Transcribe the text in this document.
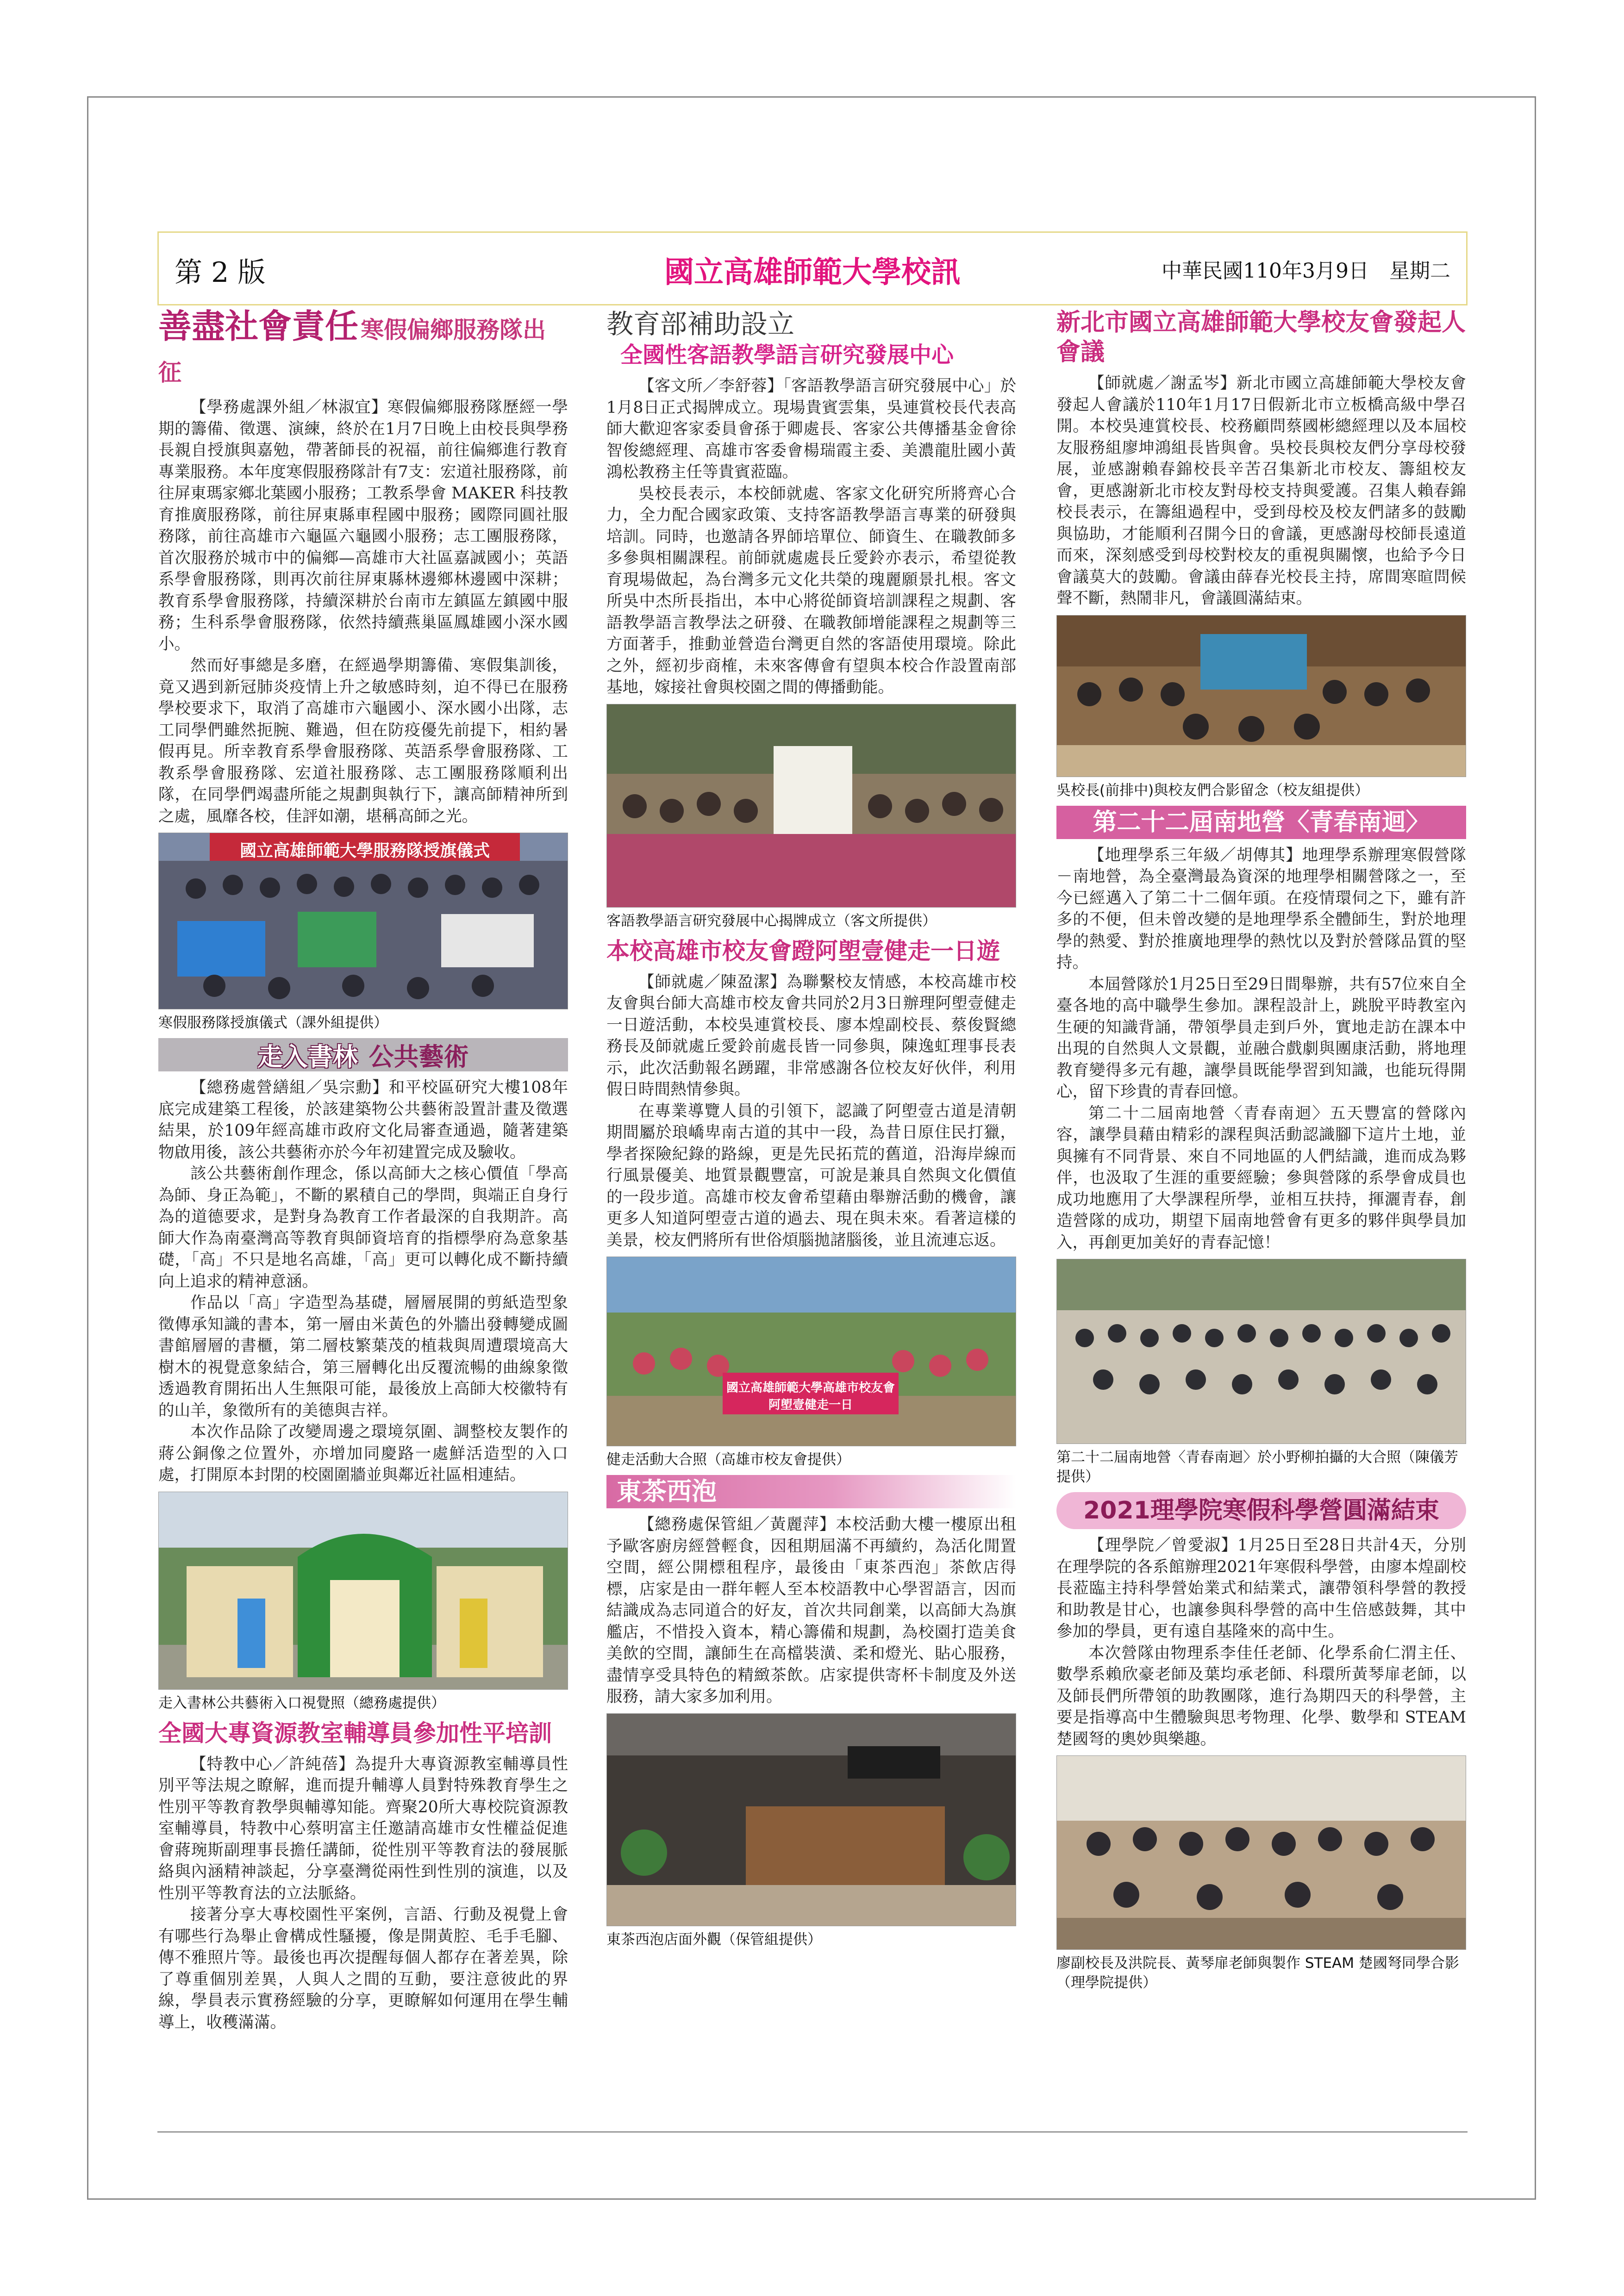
第 2 版	國立高雄師範大學校訊	中華民國110年3月9日　星期二
善盡社會責任 寒假偏鄉服務隊出征

【學務處課外組／林淑宜】寒假偏鄉服務隊歷經一學期的籌備、徵選、演練，終於在1月7日晚上由校長與學務長親自授旗與嘉勉，帶著師長的祝福，前往偏鄉進行教育專業服務。本年度寒假服務隊計有7支：宏道社服務隊，前往屏東瑪家鄉北葉國小服務；工教系學會 MAKER 科技教育推廣服務隊，前往屏東縣車程國中服務；國際同圓社服務隊，前往高雄市六龜區六龜國小服務；志工團服務隊，首次服務於城市中的偏鄉—高雄市大社區嘉誠國小；英語系學會服務隊，則再次前往屏東縣林邊鄉林邊國中深耕；教育系學會服務隊，持續深耕於台南市左鎮區左鎮國中服務；生科系學會服務隊，依然持續燕巢區鳳雄國小深水國小。

然而好事總是多磨，在經過學期籌備、寒假集訓後，竟又遇到新冠肺炎疫情上升之敏感時刻，迫不得已在服務學校要求下，取消了高雄市六龜國小、深水國小出隊，志工同學們雖然扼腕、難過，但在防疫優先前提下，相約暑假再見。所幸教育系學會服務隊、英語系學會服務隊、工教系學會服務隊、宏道社服務隊、志工團服務隊順利出隊，在同學們竭盡所能之規劃與執行下，讓高師精神所到之處，風靡各校，佳評如潮，堪稱高師之光。

國立高雄師範大學服務隊授旗儀式
寒假服務隊授旗儀式（課外組提供）
走入書林 公共藝術

【總務處營繕組／吳宗勳】和平校區研究大樓108年底完成建築工程後，於該建築物公共藝術設置計畫及徵選結果，於109年經高雄市政府文化局審查通過，隨著建築物啟用後，該公共藝術亦於今年初建置完成及驗收。

該公共藝術創作理念，係以高師大之核心價值「學高為師、身正為範」，不斷的累積自己的學問，與端正自身行為的道德要求，是對身為教育工作者最深的自我期許。高師大作為南臺灣高等教育與師資培育的指標學府為意象基礎，「高」不只是地名高雄，「高」更可以轉化成不斷持續向上追求的精神意涵。

作品以「高」字造型為基礎，層層展開的剪紙造型象徵傳承知識的書本，第一層由米黃色的外牆出發轉變成圖書館層層的書櫃，第二層枝繁葉茂的植栽與周遭環境高大樹木的視覺意象結合，第三層轉化出反覆流暢的曲線象徵透過教育開拓出人生無限可能，最後放上高師大校徽特有的山羊，象徵所有的美德與吉祥。

本次作品除了改變周邊之環境氛圍、調整校友製作的蔣公銅像之位置外，亦增加同慶路一處鮮活造型的入口處，打開原本封閉的校園圍牆並與鄰近社區相連結。

走入書林公共藝術入口視覺照（總務處提供）
全國大專資源教室輔導員參加性平培訓

【特教中心／許純蓓】為提升大專資源教室輔導員性別平等法規之瞭解，進而提升輔導人員對特殊教育學生之性別平等教育教學與輔導知能。齊聚20所大專校院資源教室輔導員，特教中心蔡明富主任邀請高雄市女性權益促進會蔣琬斯副理事長擔任講師，從性別平等教育法的發展脈絡與內涵精神談起，分享臺灣從兩性到性別的演進，以及性別平等教育法的立法脈絡。

接著分享大專校園性平案例，言語、行動及視覺上會有哪些行為舉止會構成性騷擾，像是開黃腔、毛手毛腳、傳不雅照片等。最後也再次提醒每個人都存在著差異，除了尊重個別差異，人與人之間的互動，要注意彼此的界線，學員表示實務經驗的分享，更瞭解如何運用在學生輔導上，收穫滿滿。

教育部補助設立
全國性客語教學語言研究發展中心

【客文所／李舒蓉】「客語教學語言研究發展中心」於1月8日正式揭牌成立。現場貴賓雲集，吳連賞校長代表高師大歡迎客家委員會孫于卿處長、客家公共傳播基金會徐智俊總經理、高雄市客委會楊瑞霞主委、美濃龍肚國小黃鴻松教務主任等貴賓蒞臨。

吳校長表示，本校師就處、客家文化研究所將齊心合力，全力配合國家政策、支持客語教學語言專業的研發與培訓。同時，也邀請各界師培單位、師資生、在職教師多多參與相關課程。前師就處處長丘愛鈴亦表示，希望從教育現場做起，為台灣多元文化共榮的瑰麗願景扎根。客文所吳中杰所長指出，本中心將從師資培訓課程之規劃、客語教學語言教學法之研發、在職教師增能課程之規劃等三方面著手，推動並營造台灣更自然的客語使用環境。除此之外，經初步商榷，未來客傳會有望與本校合作設置南部基地，嫁接社會與校園之間的傳播動能。

客語教學語言研究發展中心揭牌成立（客文所提供）
本校高雄市校友會蹬阿塱壹健走一日遊

【師就處／陳盈潔】為聯繫校友情感，本校高雄市校友會與台師大高雄市校友會共同於2月3日辦理阿塱壹健走一日遊活動，本校吳連賞校長、廖本煌副校長、蔡俊賢總務長及師就處丘愛鈴前處長皆一同參與，陳逸虹理事長表示，此次活動報名踴躍，非常感謝各位校友好伙伴，利用假日時間熱情參與。

在專業導覽人員的引領下，認識了阿塱壹古道是清朝期間屬於琅嶠卑南古道的其中一段，為昔日原住民打獵，學者探險紀錄的路線，更是先民拓荒的舊道，沿海岸線而行風景優美、地質景觀豐富，可說是兼具自然與文化價值的一段步道。高雄市校友會希望藉由舉辦活動的機會，讓更多人知道阿塱壹古道的過去、現在與未來。看著這樣的美景，校友們將所有世俗煩腦拋諸腦後，並且流連忘返。

國立高雄師範大學高雄市校友會 阿塱壹健走一日
健走活動大合照（高雄市校友會提供）
東茶西泡

【總務處保管組／黃麗萍】本校活動大樓一樓原出租予歐客廚房經營輕食，因租期屆滿不再續約，為活化閒置空間，經公開標租程序，最後由「東茶西泡」茶飲店得標，店家是由一群年輕人至本校語教中心學習語言，因而結識成為志同道合的好友，首次共同創業，以高師大為旗艦店，不惜投入資本，精心籌備和規劃，為校園打造美食美飲的空間，讓師生在高檔裝潢、柔和燈光、貼心服務，盡情享受具特色的精緻茶飲。店家提供寄杯卡制度及外送服務，請大家多加利用。

東茶西泡店面外觀（保管組提供）
新北市國立高雄師範大學校友會發起人會議

【師就處／謝孟岑】新北市國立高雄師範大學校友會發起人會議於110年1月17日假新北市立板橋高級中學召開。本校吳連賞校長、校務顧問蔡國彬總經理以及本屆校友服務組廖坤鴻組長皆與會。吳校長與校友們分享母校發展，並感謝賴春錦校長辛苦召集新北市校友、籌組校友會，更感謝新北市校友對母校支持與愛護。召集人賴春錦校長表示，在籌組過程中，受到母校及校友們諸多的鼓勵與協助，才能順利召開今日的會議，更感謝母校師長遠道而來，深刻感受到母校對校友的重視與關懷，也給予今日會議莫大的鼓勵。會議由薛春光校長主持，席間寒暄問候聲不斷，熱鬧非凡，會議圓滿結束。

吳校長(前排中)與校友們合影留念（校友組提供）
第二十二屆南地營〈青春南迴〉

【地理學系三年級／胡傳其】地理學系辦理寒假營隊－南地營，為全臺灣最為資深的地理學相關營隊之一，至今已經邁入了第二十二個年頭。在疫情環伺之下，雖有許多的不便，但未曾改變的是地理學系全體師生，對於地理學的熱愛、對於推廣地理學的熱忱以及對於營隊品質的堅持。

本屆營隊於1月25日至29日間舉辦，共有57位來自全臺各地的高中職學生參加。課程設計上，跳脫平時教室內生硬的知識背誦，帶領學員走到戶外，實地走訪在課本中出現的自然與人文景觀，並融合戲劇與團康活動，將地理教育變得多元有趣，讓學員既能學習到知識，也能玩得開心，留下珍貴的青春回憶。

第二十二屆南地營〈青春南迴〉五天豐富的營隊內容，讓學員藉由精彩的課程與活動認識腳下這片土地，並與擁有不同背景、來自不同地區的人們結識，進而成為夥伴，也汲取了生涯的重要經驗；參與營隊的系學會成員也成功地應用了大學課程所學，並相互扶持，揮灑青春，創造營隊的成功，期望下屆南地營會有更多的夥伴與學員加入，再創更加美好的青春記憶！

第二十二屆南地營〈青春南迴〉於小野柳拍攝的大合照（陳儀芳提供）
2021理學院寒假科學營圓滿結束

【理學院／曾愛淑】1月25日至28日共計4天，分別在理學院的各系館辦理2021年寒假科學營，由廖本煌副校長蒞臨主持科學營始業式和結業式，讓帶領科學營的教授和助教是甘心，也讓參與科學營的高中生倍感鼓舞，其中參加的學員，更有遠自基隆來的高中生。

本次營隊由物理系李佳任老師、化學系俞仁渭主任、數學系賴欣豪老師及葉均承老師、科環所黃琴扉老師，以及師長們所帶領的助教團隊，進行為期四天的科學營，主要是指導高中生體驗與思考物理、化學、數學和 STEAM 楚國弩的奧妙與樂趣。

廖副校長及洪院長、黃琴扉老師與製作 STEAM 楚國弩同學合影（理學院提供）
